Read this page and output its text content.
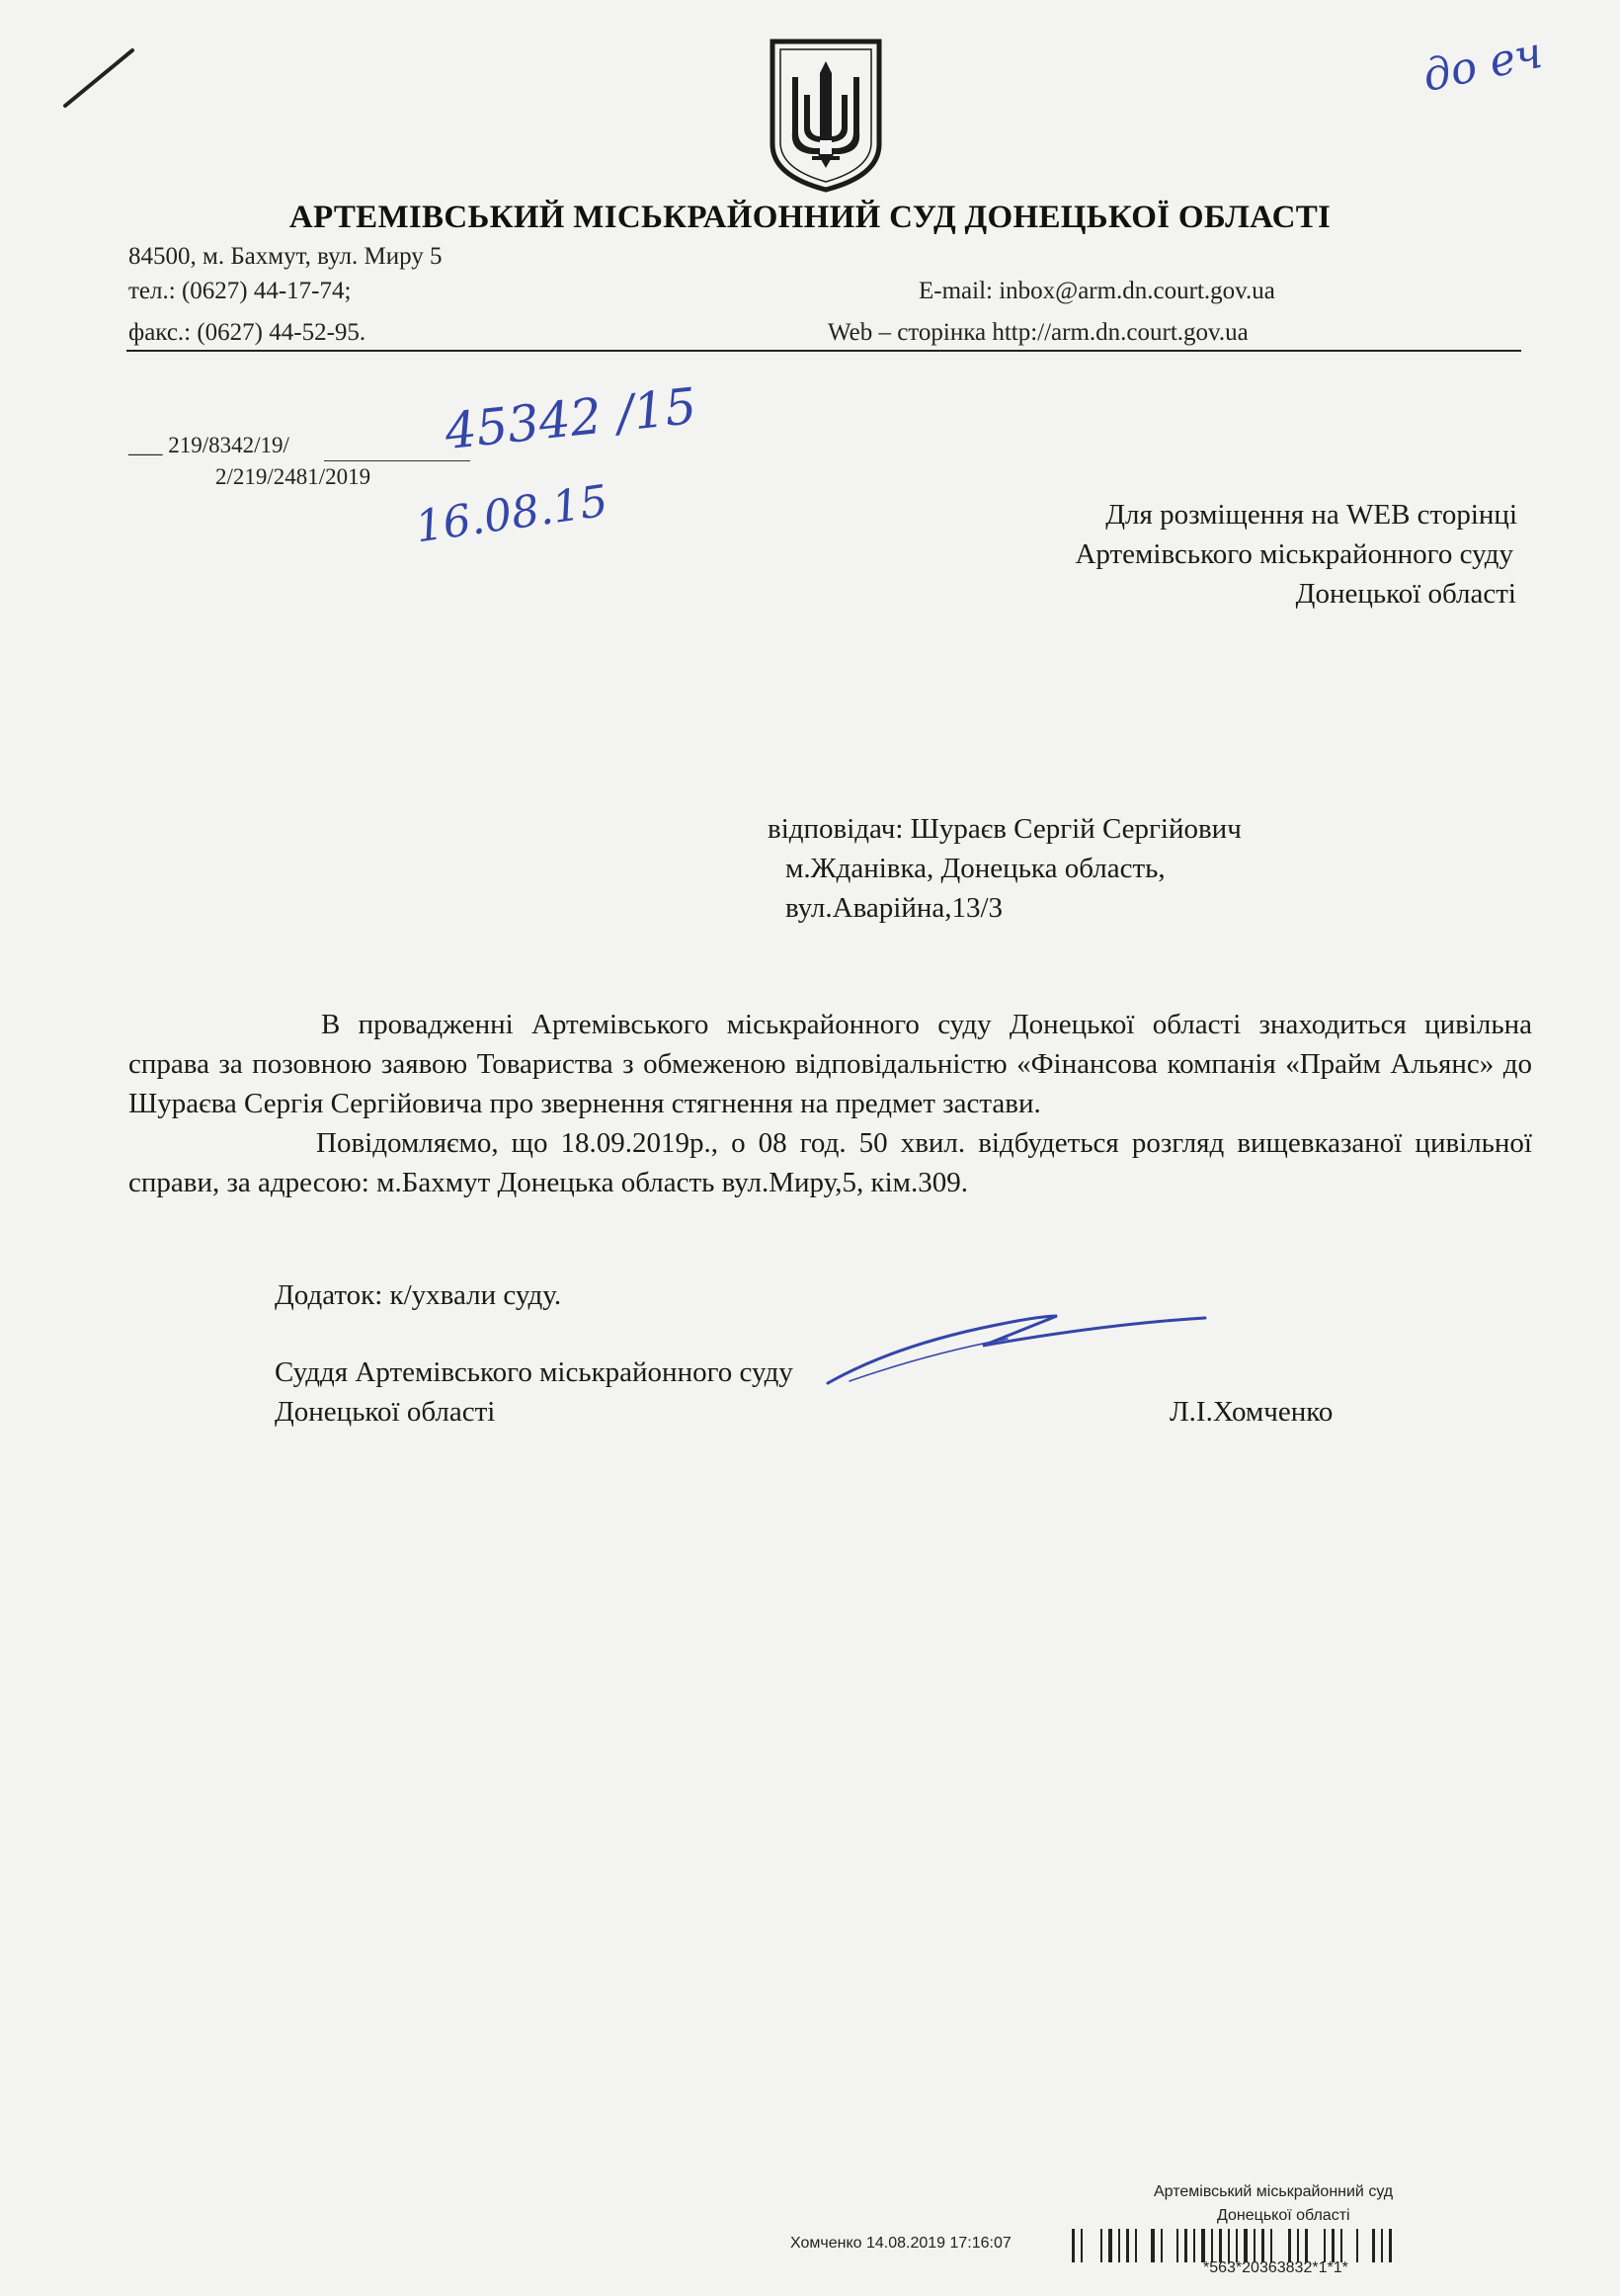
до еч
АРТЕМІВСЬКИЙ МІСЬКРАЙОННИЙ СУД ДОНЕЦЬКОЇ ОБЛАСТІ
84500, м. Бахмут, вул. Миру 5
тел.: (0627) 44-17-74;	E-mail: inbox@arm.dn.court.gov.ua
факс.: (0627) 44-52-95.	Web – сторінка http://arm.dn.court.gov.ua
___ 219/8342/19/
2/219/2481/2019
45342 /15
16.08.15	Для розміщення на WEB сторінці
Артемівського міськрайонного суду
Донецької області
відповідач: Шураєв Сергій Сергійович
м.Жданівка, Донецька область,
вул.Аварійна,13/3

В провадженні Артемівського міськрайонного суду Донецької області знаходиться цивільна справа за позовною заявою Товариства з обмеженою відповідальністю «Фінансова компанія «Прайм Альянс» до Шураєва Сергія Сергійовича про звернення стягнення на предмет застави.

Повідомляємо, що 18.09.2019р., о 08 год. 50 хвил. відбудеться розгляд вищевказаної цивільної справи, за адресою: м.Бахмут Донецька область вул.Миру,5, кім.309.

Додаток: к/ухвали суду.
Суддя Артемівського міськрайонного суду
Донецької області	Л.І.Хомченко
Артемівський міськрайонний суд
Донецької області
Хомченко 14.08.2019 17:16:07
*563*20363832*1*1*
